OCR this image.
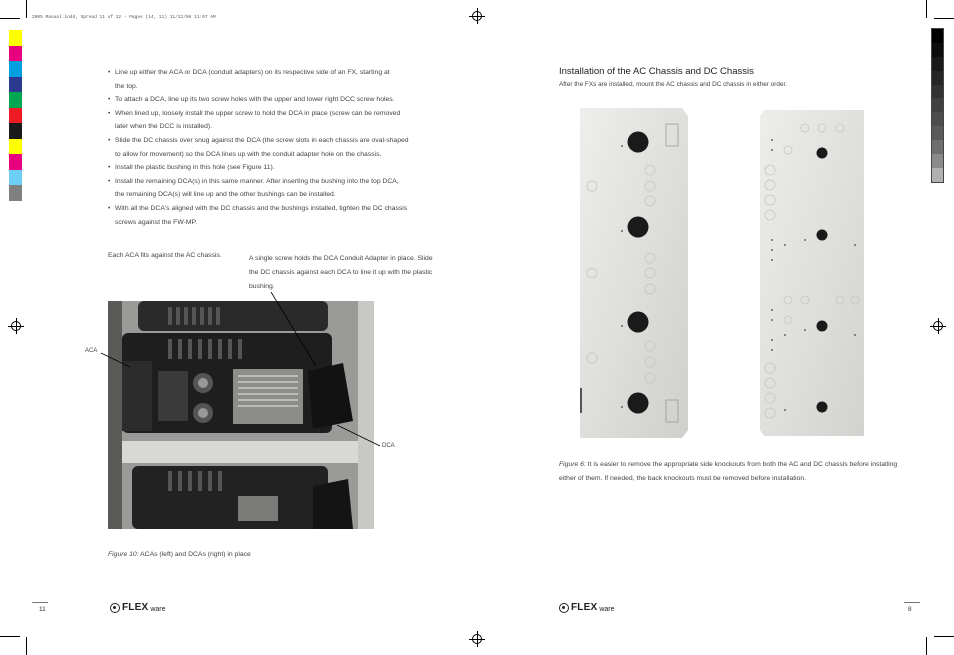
2005 Manual.indd, Spread 11 of 12 - Pages (14, 11) 11/22/06 11:07 AM
• Line up either the ACA or DCA (conduit adapters) on its respective side of an FX, starting at
the top.
• To attach a DCA, line up its two screw holes with the upper and lower right DCC screw holes.
• When lined up, loosely install the upper screw to hold the DCA in place (screw can be removed
later when the DCC is installed).
• Slide the DC chassis over snug against the DCA (the screw slots in each chassis are oval-shaped
to allow for movement) so the DCA lines up with the conduit adapter hole on the chassis.
• Install the plastic bushing in this hole (see Figure 11).
• Install the remaining DCA(s) in this same manner. After inserting the bushing into the top DCA,
the remaining DCA(s) will line up and the other bushings can be installed.
• With all the DCA's aligned with the DC chassis and the bushings installed, tighten the DC chassis
screws against the FW-MP.
Each ACA fits against the AC chassis.	A single screw holds the DCA Conduit Adapter in place. Slide the DC chassis against each DCA to line it up with the plastic bushing.
ACA
DCA
Figure 10: ACAs (left) and DCAs (right) in place
11	FLEX ware
Installation of the AC Chassis and DC Chassis
After the FXs are installed, mount the AC chassis and DC chassis in either order.
Figure 6: It is easier to remove the appropriate side knockouts from both the AC and DC chassis before installing either of them. If needed, the back knockouts must be removed before installation.
FLEX ware	8
